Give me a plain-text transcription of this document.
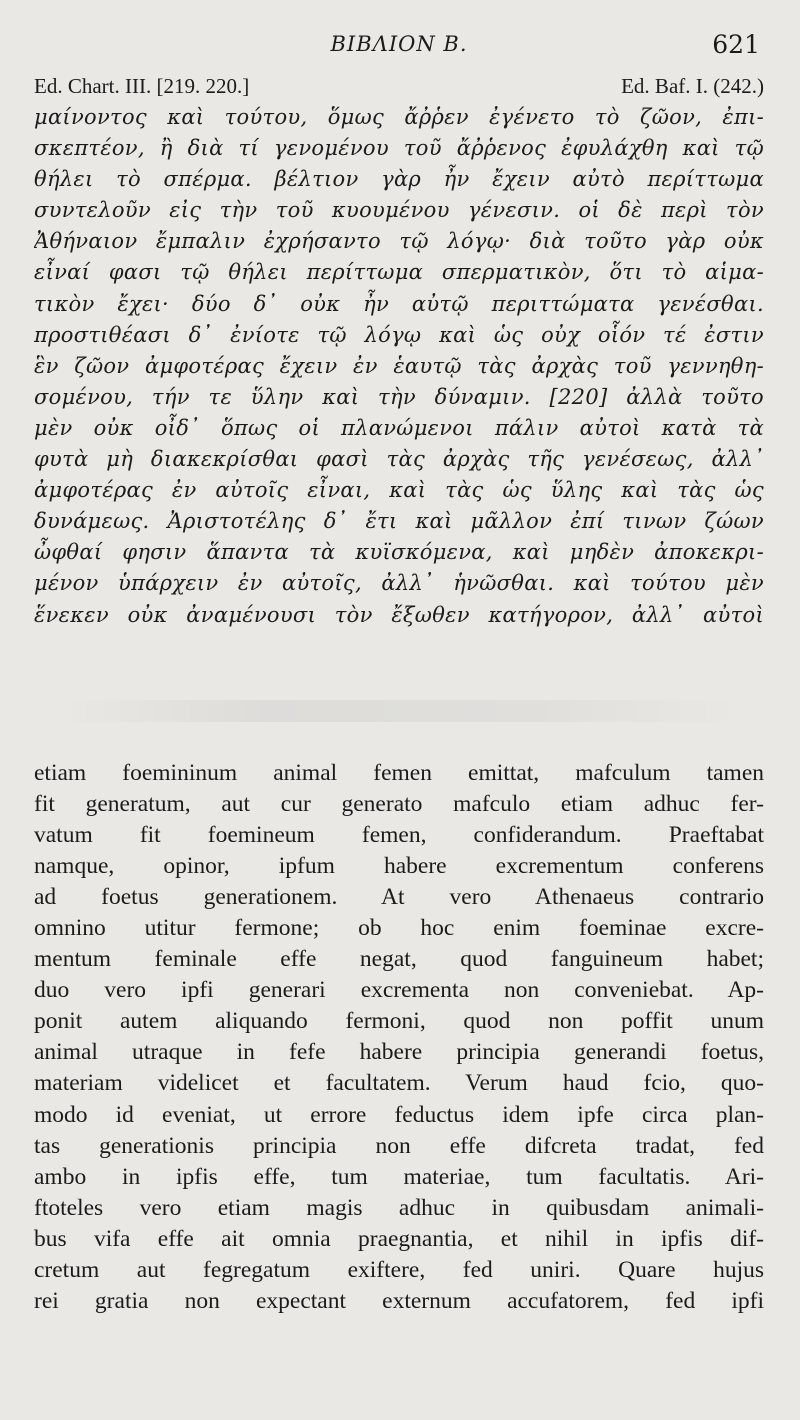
ΒΙΒΛΙΟΝ Β.	621
Ed. Chart. III. [219. 220.]	Ed. Baf. I. (242.)
μαίνοντος καὶ τούτου, ὅμως ἄῤῥεν ἐγένετο τὸ ζῶον, ἐπι-
σκεπτέον, ἢ διὰ τί γενομένου τοῦ ἄῤῥενος ἐφυλάχθη καὶ τῷ
θήλει τὸ σπέρμα. βέλτιον γὰρ ἦν ἔχειν αὐτὸ περίττωμα
συντελοῦν εἰς τὴν τοῦ κυουμένου γένεσιν. οἱ δὲ περὶ τὸν
Ἀθήναιον ἔμπαλιν ἐχρήσαντο τῷ λόγῳ· διὰ τοῦτο γὰρ οὐκ
εἶναί φασι τῷ θήλει περίττωμα σπερματικὸν, ὅτι τὸ αἱμα-
τικὸν ἔχει· δύο δ᾽ οὐκ ἦν αὐτῷ περιττώματα γενέσθαι.
προστιθέασι δ᾽ ἐνίοτε τῷ λόγῳ καὶ ὡς οὐχ οἷόν τέ ἐστιν
ἓν ζῶον ἀμφοτέρας ἔχειν ἐν ἑαυτῷ τὰς ἀρχὰς τοῦ γεννηθη-
σομένου, τήν τε ὕλην καὶ τὴν δύναμιν. [220] ἀλλὰ τοῦτο
μὲν οὐκ οἶδ᾽ ὅπως οἱ πλανώμενοι πάλιν αὐτοὶ κατὰ τὰ
φυτὰ μὴ διακεκρίσθαι φασὶ τὰς ἀρχὰς τῆς γενέσεως, ἀλλ᾽
ἀμφοτέρας ἐν αὐτοῖς εἶναι, καὶ τὰς ὡς ὕλης καὶ τὰς ὡς
δυνάμεως. Ἀριστοτέλης δ᾽ ἔτι καὶ μᾶλλον ἐπί τινων ζώων
ὦφθαί φησιν ἅπαντα τὰ κυϊσκόμενα, καὶ μηδὲν ἀποκεκρι-
μένον ὑπάρχειν ἐν αὐτοῖς, ἀλλ᾽ ἡνῶσθαι. καὶ τούτου μὲν
ἕνεκεν οὐκ ἀναμένουσι τὸν ἔξωθεν κατήγορον, ἀλλ᾽ αὐτοὶ
etiam foemininum animal femen emittat, mafculum tamen
fit generatum, aut cur generato mafculo etiam adhuc fer-
vatum fit foemineum femen, confiderandum. Praeftabat
namque, opinor, ipfum habere excrementum conferens
ad foetus generationem. At vero Athenaeus contrario
omnino utitur fermone; ob hoc enim foeminae excre-
mentum feminale effe negat, quod fanguineum habet;
duo vero ipfi generari excrementa non conveniebat. Ap-
ponit autem aliquando fermoni, quod non poffit unum
animal utraque in fefe habere principia generandi foetus,
materiam videlicet et facultatem. Verum haud fcio, quo-
modo id eveniat, ut errore feductus idem ipfe circa plan-
tas generationis principia non effe difcreta tradat, fed
ambo in ipfis effe, tum materiae, tum facultatis. Ari-
ftoteles vero etiam magis adhuc in quibusdam animali-
bus vifa effe ait omnia praegnantia, et nihil in ipfis dif-
cretum aut fegregatum exiftere, fed uniri. Quare hujus
rei gratia non expectant externum accufatorem, fed ipfi
